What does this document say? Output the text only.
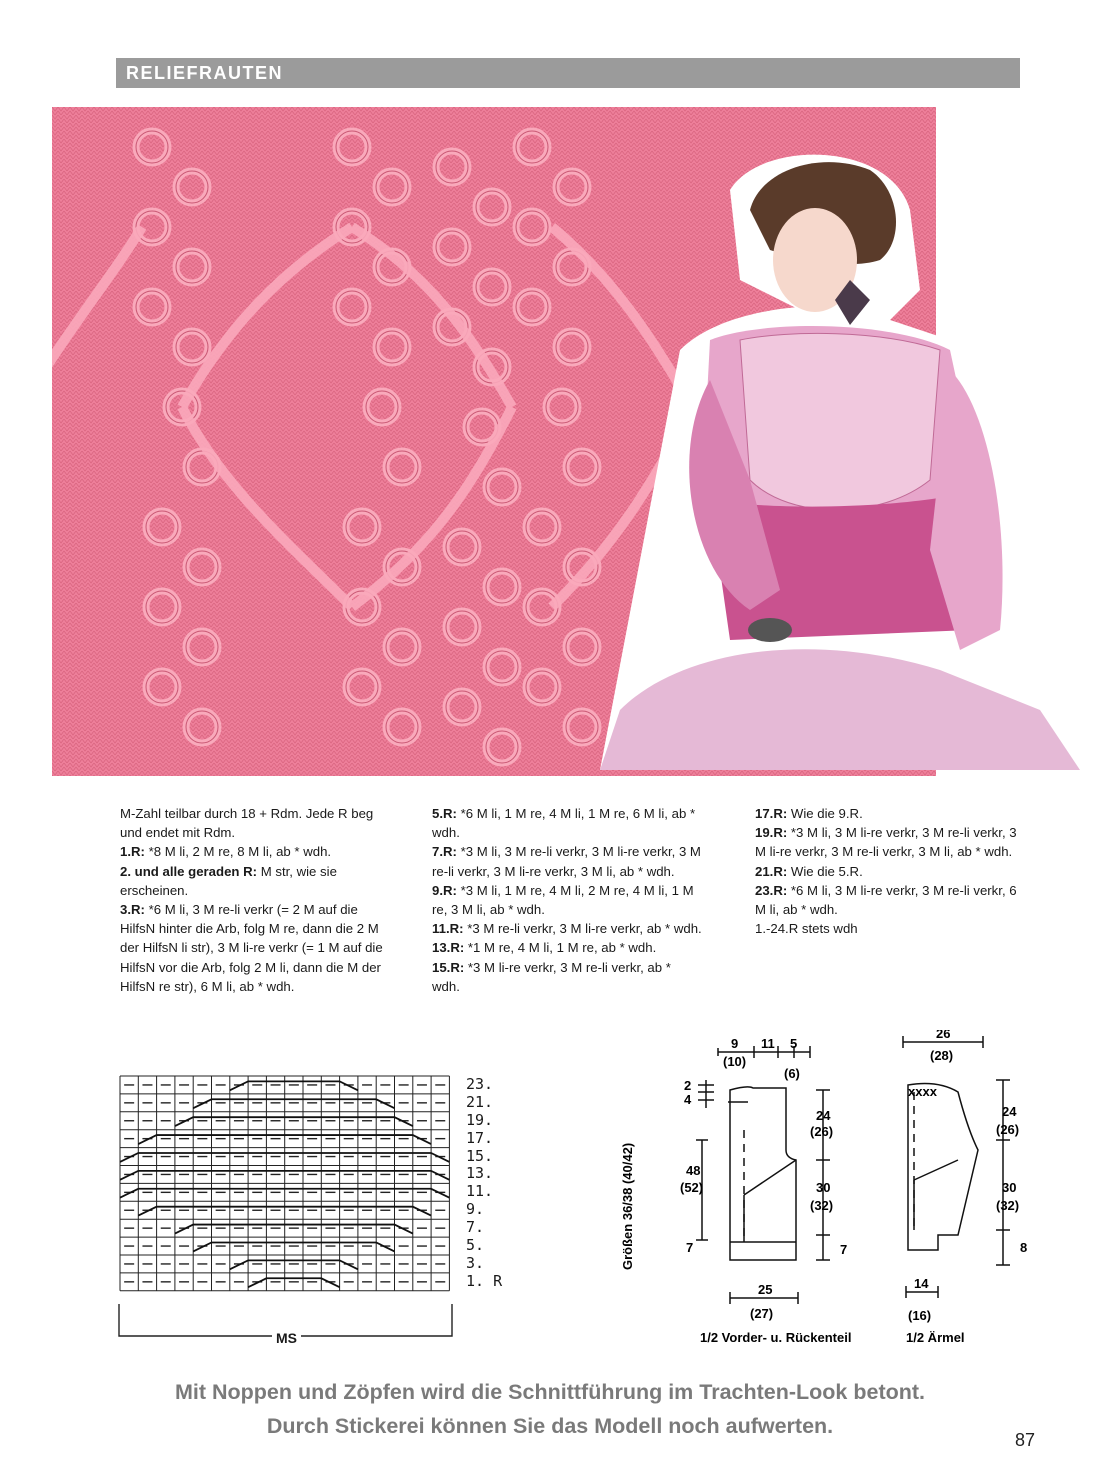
RELIEFRAUTEN

M-Zahl teilbar durch 18 + Rdm. Jede R beg und endet mit Rdm.

1.R: *8 M li, 2 M re, 8 M li, ab * wdh.

2. und alle geraden R: M str, wie sie erscheinen.

3.R: *6 M li, 3 M re-li verkr (= 2 M auf die HilfsN hinter die Arb, folg M re, dann die 2 M der HilfsN li str), 3 M li-re verkr (= 1 M auf die HilfsN vor die Arb, folg 2 M li, dann die M der HilfsN re str), 6 M li, ab * wdh.

5.R: *6 M li, 1 M re, 4 M li, 1 M re, 6 M li, ab * wdh.

7.R: *3 M li, 3 M re-li verkr, 3 M li-re verkr, 3 M re-li verkr, 3 M li-re verkr, 3 M li, ab * wdh.

9.R: *3 M li, 1 M re, 4 M li, 2 M re, 4 M li, 1 M re, 3 M li, ab * wdh.

11.R: *3 M re-li verkr, 3 M li-re verkr, ab * wdh.

13.R: *1 M re, 4 M li, 1 M re, ab * wdh.

15.R: *3 M li-re verkr, 3 M re-li verkr, ab * wdh.

17.R: Wie die 9.R.

19.R: *3 M li, 3 M li-re verkr, 3 M re-li verkr, 3 M li-re verkr, 3 M re-li verkr, 3 M li, ab * wdh.

21.R: Wie die 5.R.

23.R: *6 M li, 3 M li-re verkr, 3 M re-li verkr, 6 M li, ab * wdh.

1.-24.R stets wdh

23.
21.
19.
17.
15.
13.
11.
9.
7.
5.
3.
1. R
MS
(10)
9 11 5
(6)
2
4
48
(52)
7
24
(26)
30
(32)
7
25
(27)
1/2 Vorder- u. Rückenteil
Größen 36/38 (40/42)
26
(28)
xxxx
24
(26)
30
(32)
8
14
(16)
1/2 Ärmel
Mit Noppen und Zöpfen wird die Schnittführung im Trachten-Look betont.
Durch Stickerei können Sie das Modell noch aufwerten.
87
